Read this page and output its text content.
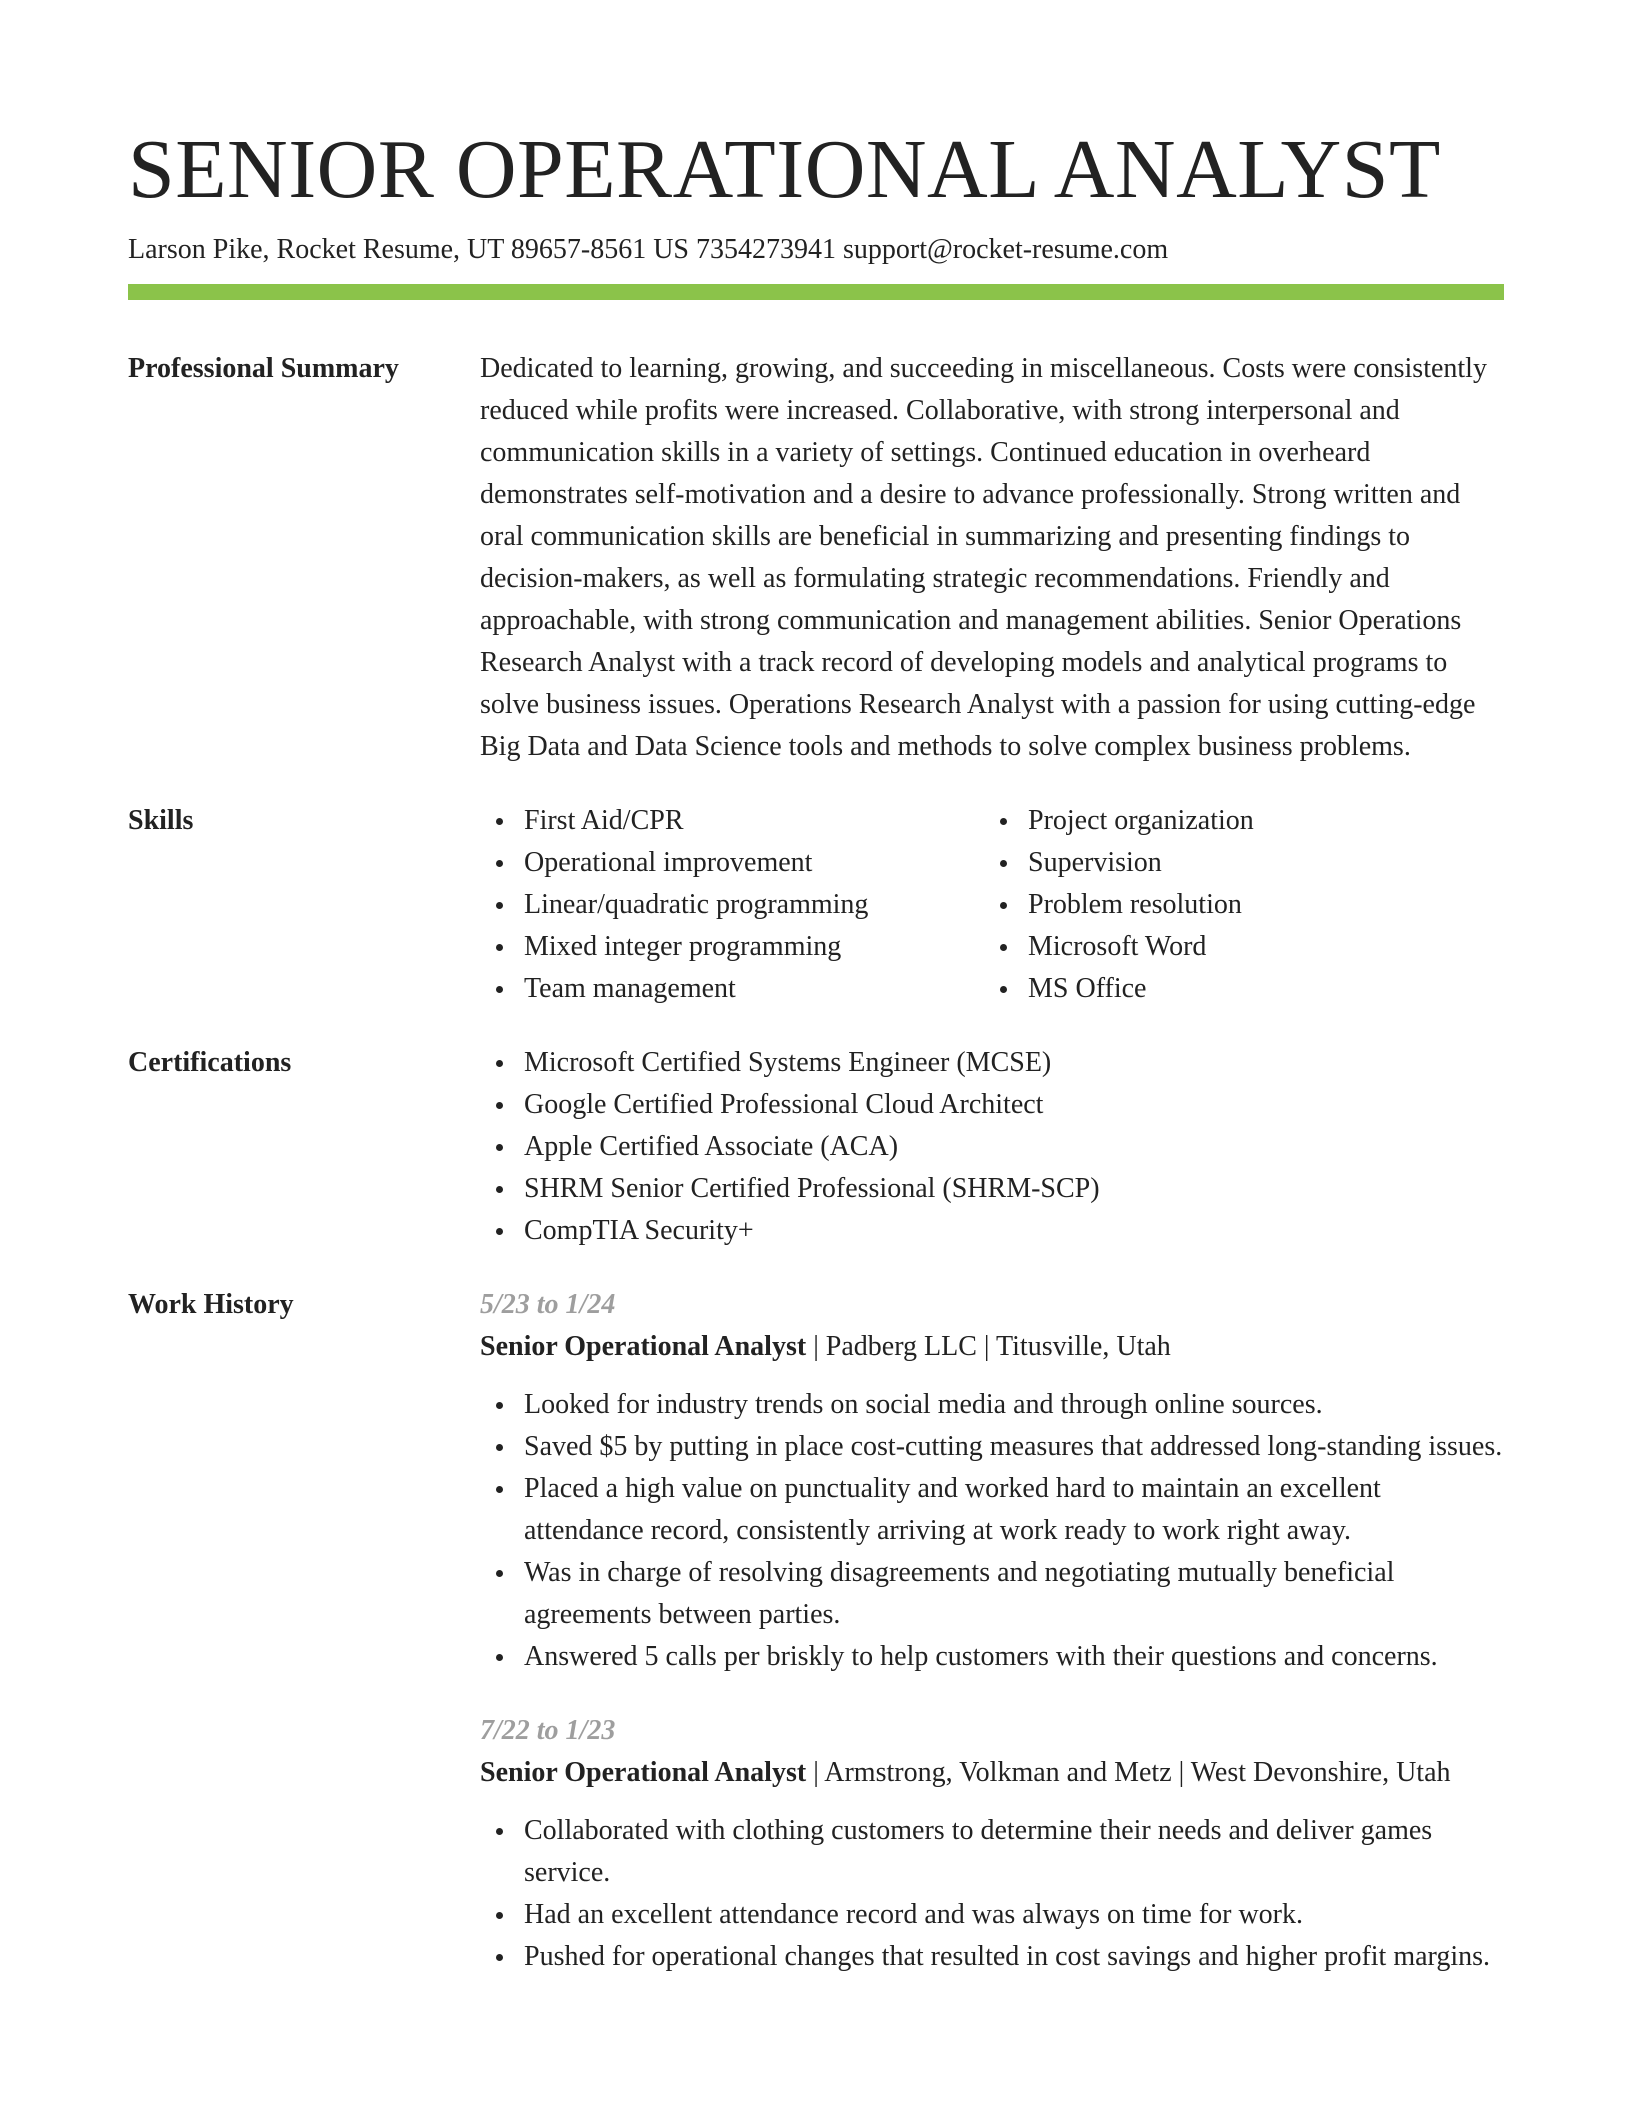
SENIOR OPERATIONAL ANALYST
Larson Pike, Rocket Resume, UT 89657-8561 US 7354273941 support@rocket-resume.com
Professional Summary	Dedicated to learning, growing, and succeeding in miscellaneous. Costs were consistently reduced while profits were increased. Collaborative, with strong interpersonal and communication skills in a variety of settings. Continued education in overheard demonstrates self-motivation and a desire to advance professionally. Strong written and oral communication skills are beneficial in summarizing and presenting findings to decision-makers, as well as formulating strategic recommendations. Friendly and approachable, with strong communication and management abilities. Senior Operations Research Analyst with a track record of developing models and analytical programs to solve business issues. Operations Research Analyst with a passion for using cutting-edge Big Data and Data Science tools and methods to solve complex business problems.
Skills	First Aid/CPR
Operational improvement
Linear/quadratic programming
Mixed integer programming
Team management
Project organization
Supervision
Problem resolution
Microsoft Word
MS Office
Certifications	Microsoft Certified Systems Engineer (MCSE)
Google Certified Professional Cloud Architect
Apple Certified Associate (ACA)
SHRM Senior Certified Professional (SHRM-SCP)
CompTIA Security+
Work History	5/23 to 1/24
Senior Operational Analyst | Padberg LLC | Titusville, Utah
Looked for industry trends on social media and through online sources.
Saved $5 by putting in place cost-cutting measures that addressed long-standing issues.
Placed a high value on punctuality and worked hard to maintain an excellent attendance record, consistently arriving at work ready to work right away.
Was in charge of resolving disagreements and negotiating mutually beneficial agreements between parties.
Answered 5 calls per briskly to help customers with their questions and concerns.
7/22 to 1/23
Senior Operational Analyst | Armstrong, Volkman and Metz | West Devonshire, Utah
Collaborated with clothing customers to determine their needs and deliver games service.
Had an excellent attendance record and was always on time for work.
Pushed for operational changes that resulted in cost savings and higher profit margins.
